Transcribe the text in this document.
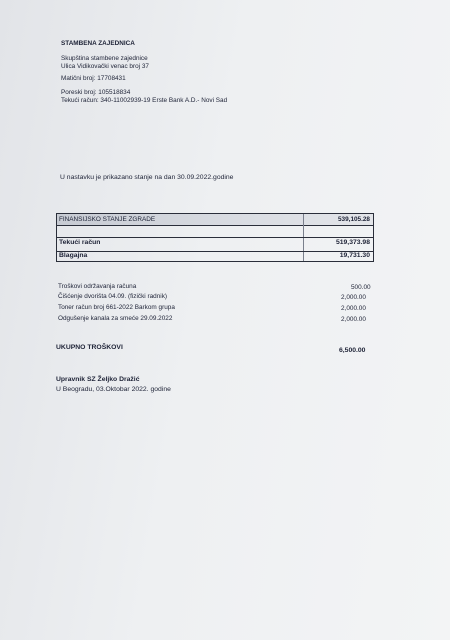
STAMBENA ZAJEDNICA
Skupština stambene zajednice
Ulica Vidikovački venac broj 37
Matični broj: 17708431
Poreski broj: 105518834
Tekući račun: 340-11002939-19 Erste Bank A.D.- Novi Sad
U nastavku je prikazano stanje na dan 30.09.2022.godine
FINANSIJSKO STANJE ZGRADE	539,105.28
Tekući račun	519,373.98
Blagajna	19,731.30
Troškovi održavanja računa	500.00
Čišćenje dvorišta 04.09. (fizički radnik)	2,000.00
Toner račun broj 661-2022 Barkom grupa	2,000.00
Odgušenje kanala za smeće 29.09.2022	2,000.00
UKUPNO TROŠKOVI	6,500.00
Upravnik SZ Željko Dražić
U Beogradu, 03.Oktobar 2022. godine
